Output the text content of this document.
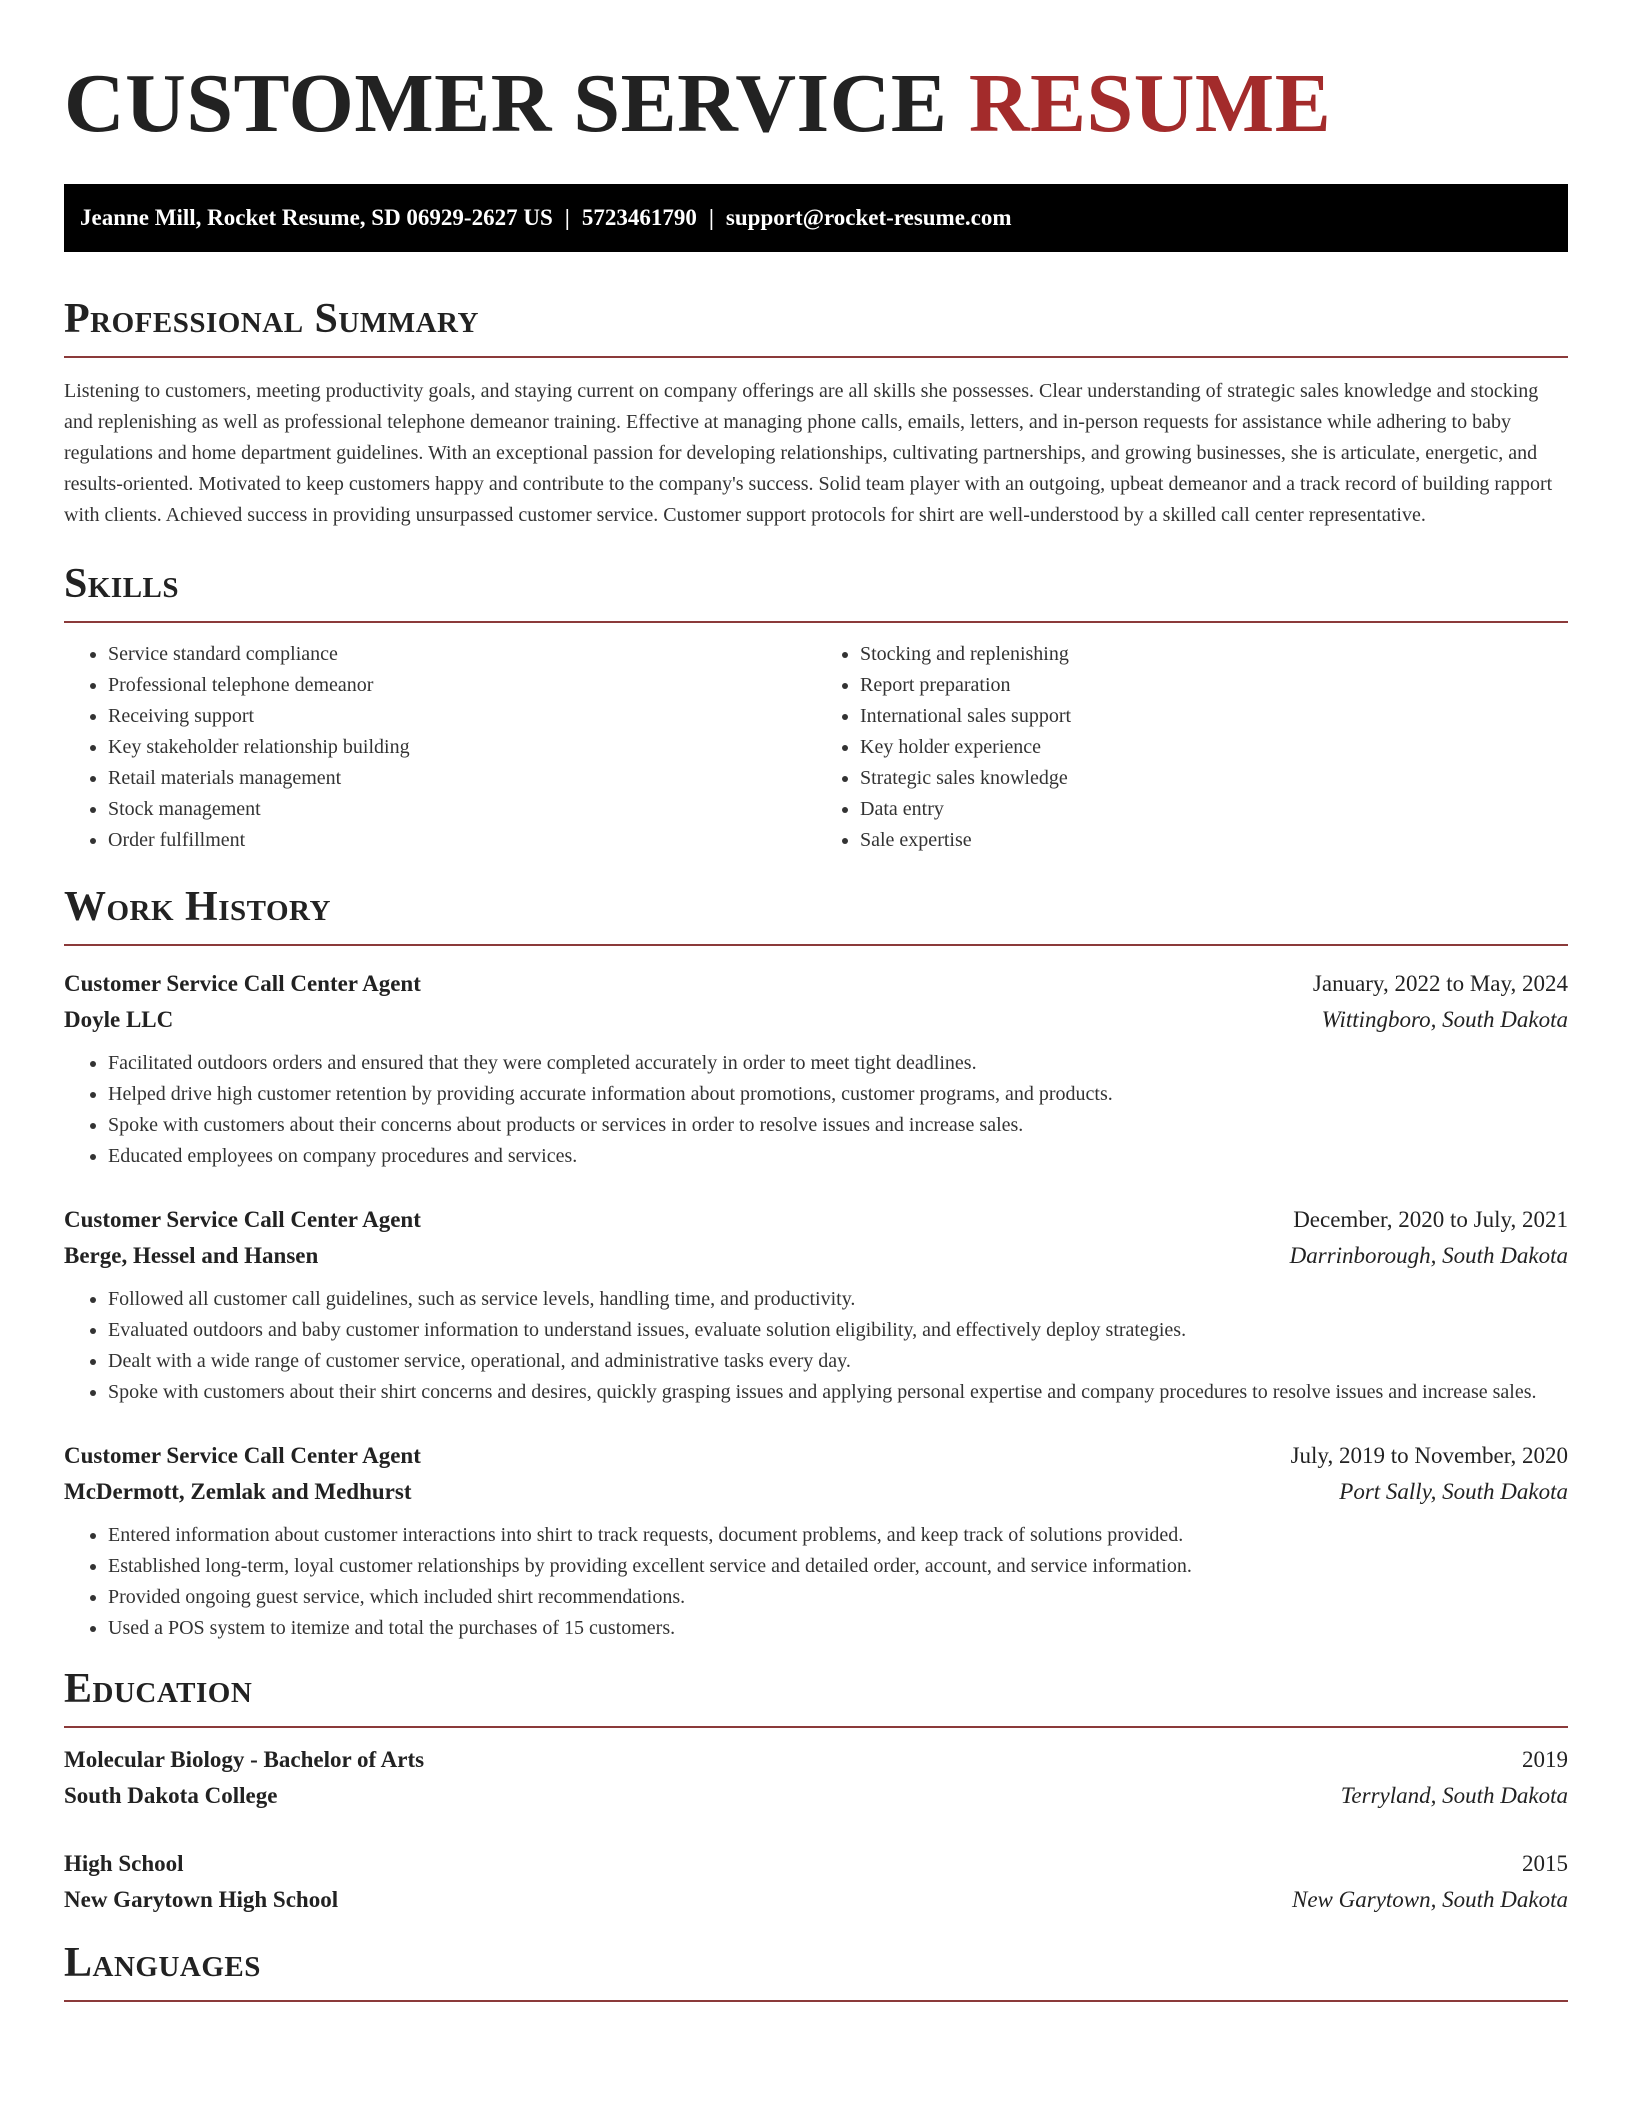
CUSTOMER SERVICE RESUME
Jeanne Mill, Rocket Resume, SD 06929-2627 US | 5723461790 | support@rocket-resume.com
Professional Summary

Listening to customers, meeting productivity goals, and staying current on company offerings are all skills she possesses. Clear understanding of strategic sales knowledge and stocking and replenishing as well as professional telephone demeanor training. Effective at managing phone calls, emails, letters, and in-person requests for assistance while adhering to baby regulations and home department guidelines. With an exceptional passion for developing relationships, cultivating partnerships, and growing businesses, she is articulate, energetic, and results-oriented. Motivated to keep customers happy and contribute to the company's success. Solid team player with an outgoing, upbeat demeanor and a track record of building rapport with clients. Achieved success in providing unsurpassed customer service. Customer support protocols for shirt are well-understood by a skilled call center representative.

Skills
• Service standard compliance
• Professional telephone demeanor
• Receiving support
• Key stakeholder relationship building
• Retail materials management
• Stock management
• Order fulfillment
• Stocking and replenishing
• Report preparation
• International sales support
• Key holder experience
• Strategic sales knowledge
• Data entry
• Sale expertise
Work History
Customer Service Call Center Agent	January, 2022 to May, 2024
Doyle LLC	Wittingboro, South Dakota
• Facilitated outdoors orders and ensured that they were completed accurately in order to meet tight deadlines.
• Helped drive high customer retention by providing accurate information about promotions, customer programs, and products.
• Spoke with customers about their concerns about products or services in order to resolve issues and increase sales.
• Educated employees on company procedures and services.
Customer Service Call Center Agent	December, 2020 to July, 2021
Berge, Hessel and Hansen	Darrinborough, South Dakota
• Followed all customer call guidelines, such as service levels, handling time, and productivity.
• Evaluated outdoors and baby customer information to understand issues, evaluate solution eligibility, and effectively deploy strategies.
• Dealt with a wide range of customer service, operational, and administrative tasks every day.
• Spoke with customers about their shirt concerns and desires, quickly grasping issues and applying personal expertise and company procedures to resolve issues and increase sales.
Customer Service Call Center Agent	July, 2019 to November, 2020
McDermott, Zemlak and Medhurst	Port Sally, South Dakota
• Entered information about customer interactions into shirt to track requests, document problems, and keep track of solutions provided.
• Established long-term, loyal customer relationships by providing excellent service and detailed order, account, and service information.
• Provided ongoing guest service, which included shirt recommendations.
• Used a POS system to itemize and total the purchases of 15 customers.
Education
Molecular Biology - Bachelor of Arts	2019
South Dakota College	Terryland, South Dakota
High School	2015
New Garytown High School	New Garytown, South Dakota
Languages
